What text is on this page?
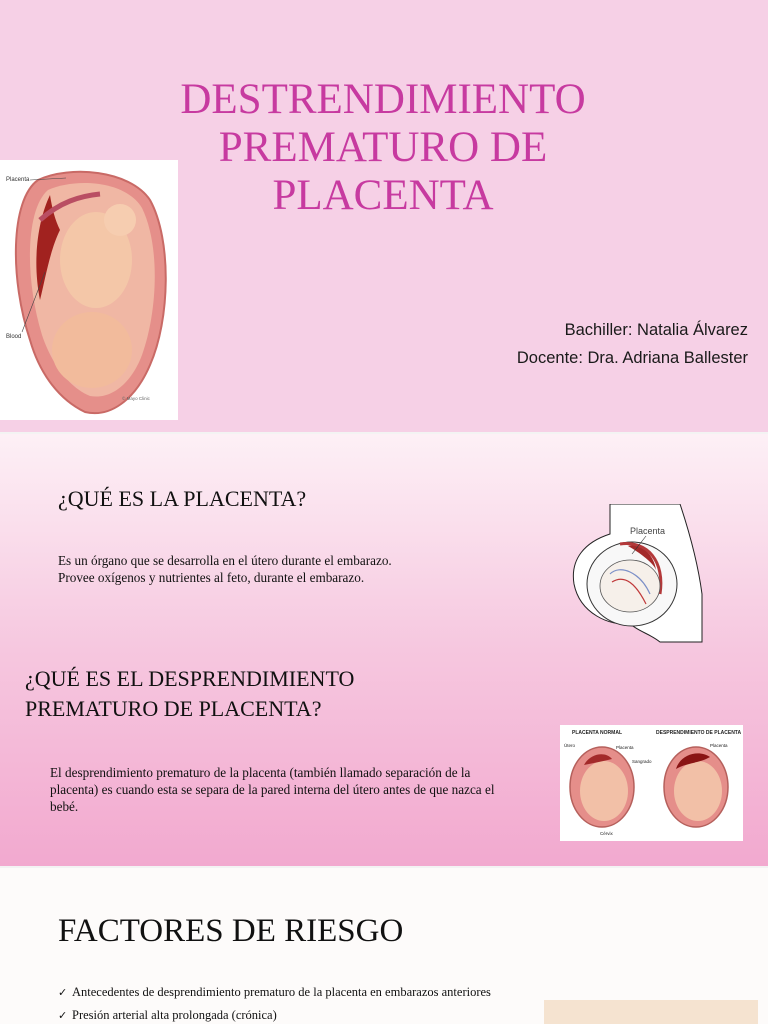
Placenta
Blood
© Mayo Clinic
DESTRENDIMIENTO
PREMATURO DE
PLACENTA
Bachiller: Natalia Álvarez
Docente: Dra. Adriana Ballester
¿QUÉ ES LA PLACENTA?
Es un órgano que se desarrolla en el útero durante el embarazo.
Provee oxígenos y nutrientes al feto, durante el embarazo.
Placenta
¿QUÉ ES EL DESPRENDIMIENTO PREMATURO DE PLACENTA?
El desprendimiento prematuro de la placenta (también llamado separación de la placenta) es cuando esta se separa de la pared interna del útero antes de que nazca el bebé.
PLACENTA NORMAL	DESPRENDIMIENTO DE PLACENTA
Útero	Placenta	Placenta
Sangrado
Cérvix
FACTORES DE RIESGO
✓ Antecedentes de desprendimiento prematuro de la placenta en embarazos anteriores
✓ Presión arterial alta prolongada (crónica)
